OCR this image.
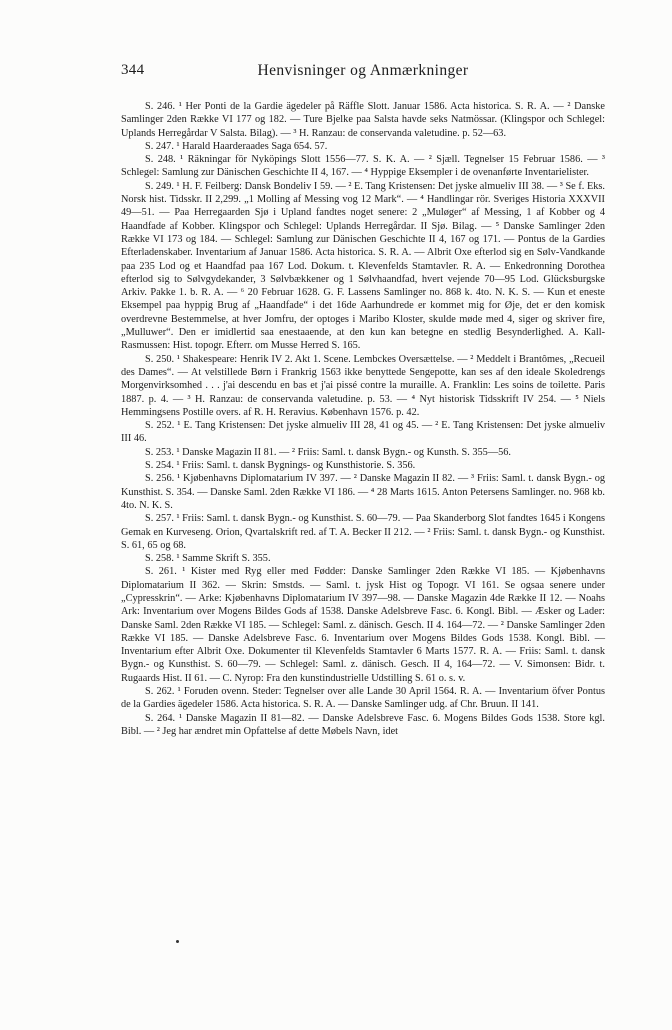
344	Henvisninger og Anmærkninger

S. 246. ¹ Her Ponti de la Gardie ägedeler på Räffle Slott. Januar 1586. Acta historica. S. R. A. — ² Danske Samlinger 2den Række VI 177 og 182. — Ture Bjelke paa Salsta havde seks Natmössar. (Klingspor och Schlegel: Uplands Herregårdar V Salsta. Bilag). — ³ H. Ranzau: de conservanda valetudine. p. 52—63.

S. 247. ¹ Harald Haarderaades Saga 654. 57.

S. 248. ¹ Räkningar för Nyköpings Slott 1556—77. S. K. A. — ² Sjæll. Tegnelser 15 Februar 1586. — ³ Schlegel: Samlung zur Dänischen Geschichte II 4, 167. — ⁴ Hyppige Eksempler i de ovenanførte Inventarielister.

S. 249. ¹ H. F. Feilberg: Dansk Bondeliv I 59. — ² E. Tang Kristensen: Det jyske almueliv III 38. — ³ Se f. Eks. Norsk hist. Tidsskr. II 2,299. „1 Molling af Messing vog 12 Mark“. — ⁴ Handlingar rör. Sveriges Historia XXXVII 49—51. — Paa Herregaarden Sjø i Upland fandtes noget senere: 2 „Muløger“ af Messing, 1 af Kobber og 4 Haandfade af Kobber. Klingspor och Schlegel: Uplands Herregårdar. II Sjø. Bilag. — ⁵ Danske Samlinger 2den Række VI 173 og 184. — Schlegel: Samlung zur Dänischen Geschichte II 4, 167 og 171. — Pontus de la Gardies Efterladenskaber. Inventarium af Januar 1586. Acta historica. S. R. A. — Albrit Oxe efterlod sig en Sølv-Vandkande paa 235 Lod og et Haandfad paa 167 Lod. Dokum. t. Klevenfelds Stamtavler. R. A. — Enkedronning Dorothea efterlod sig to Sølvgydekander, 3 Sølvbækkener og 1 Sølvhaandfad, hvert vejende 70—95 Lod. Glücksburgske Arkiv. Pakke 1. b. R. A. — ⁶ 20 Februar 1628. G. F. Lassens Samlinger no. 868 k. 4to. N. K. S. — Kun et eneste Eksempel paa hyppig Brug af „Haandfade“ i det 16de Aarhundrede er kommet mig for Øje, det er den komisk overdrevne Bestemmelse, at hver Jomfru, der optoges i Maribo Kloster, skulde møde med 4, siger og skriver fire, „Mulluwer“. Den er imidlertid saa enestaaende, at den kun kan betegne en stedlig Besynderlighed. A. Kall-Rasmussen: Hist. topogr. Efterr. om Musse Herred S. 165.

S. 250. ¹ Shakespeare: Henrik IV 2. Akt 1. Scene. Lembckes Oversættelse. — ² Meddelt i Brantômes, „Recueil des Dames“. — At velstillede Børn i Frankrig 1563 ikke benyttede Sengepotte, kan ses af den ideale Skoledrengs Morgenvirksomhed . . . j'ai descendu en bas et j'ai pissé contre la muraille. A. Franklin: Les soins de toilette. Paris 1887. p. 4. — ³ H. Ranzau: de conservanda valetudine. p. 53. — ⁴ Nyt historisk Tidsskrift IV 254. — ⁵ Niels Hemmingsens Postille overs. af R. H. Reravius. København 1576. p. 42.

S. 252. ¹ E. Tang Kristensen: Det jyske almueliv III 28, 41 og 45. — ² E. Tang Kristensen: Det jyske almueliv III 46.

S. 253. ¹ Danske Magazin II 81. — ² Friis: Saml. t. dansk Bygn.- og Kunsth. S. 355—56.

S. 254. ¹ Friis: Saml. t. dansk Bygnings- og Kunsthistorie. S. 356.

S. 256. ¹ Kjøbenhavns Diplomatarium IV 397. — ² Danske Magazin II 82. — ³ Friis: Saml. t. dansk Bygn.- og Kunsthist. S. 354. — Danske Saml. 2den Række VI 186. — ⁴ 28 Marts 1615. Anton Petersens Samlinger. no. 968 kb. 4to. N. K. S.

S. 257. ¹ Friis: Saml. t. dansk Bygn.- og Kunsthist. S. 60—79. — Paa Skanderborg Slot fandtes 1645 i Kongens Gemak en Kurveseng. Orion, Qvartalskrift red. af T. A. Becker II 212. — ² Friis: Saml. t. dansk Bygn.- og Kunsthist. S. 61, 65 og 68.

S. 258. ¹ Samme Skrift S. 355.

S. 261. ¹ Kister med Ryg eller med Fødder: Danske Samlinger 2den Række VI 185. — Kjøbenhavns Diplomatarium II 362. — Skrin: Smstds. — Saml. t. jysk Hist og Topogr. VI 161. Se ogsaa senere under „Cypresskrin“. — Arke: Kjøbenhavns Diplomatarium IV 397—98. — Danske Magazin 4de Række II 12. — Noahs Ark: Inventarium over Mogens Bildes Gods af 1538. Danske Adelsbreve Fasc. 6. Kongl. Bibl. — Æsker og Lader: Danske Saml. 2den Række VI 185. — Schlegel: Saml. z. dänisch. Gesch. II 4. 164—72. — ² Danske Samlinger 2den Række VI 185. — Danske Adelsbreve Fasc. 6. Inventarium over Mogens Bildes Gods 1538. Kongl. Bibl. — Inventarium efter Albrit Oxe. Dokumenter til Klevenfelds Stamtavler 6 Marts 1577. R. A. — Friis: Saml. t. dansk Bygn.- og Kunsthist. S. 60—79. — Schlegel: Saml. z. dänisch. Gesch. II 4, 164—72. — V. Simonsen: Bidr. t. Rugaards Hist. II 61. — C. Nyrop: Fra den kunstindustrielle Udstilling S. 61 o. s. v.

S. 262. ¹ Foruden ovenn. Steder: Tegnelser over alle Lande 30 April 1564. R. A. — Inventarium öfver Pontus de la Gardies ägedeler 1586. Acta historica. S. R. A. — Danske Samlinger udg. af Chr. Bruun. II 141.

S. 264. ¹ Danske Magazin II 81—82. — Danske Adelsbreve Fasc. 6. Mogens Bildes Gods 1538. Store kgl. Bibl. — ² Jeg har ændret min Opfattelse af dette Møbels Navn, idet
